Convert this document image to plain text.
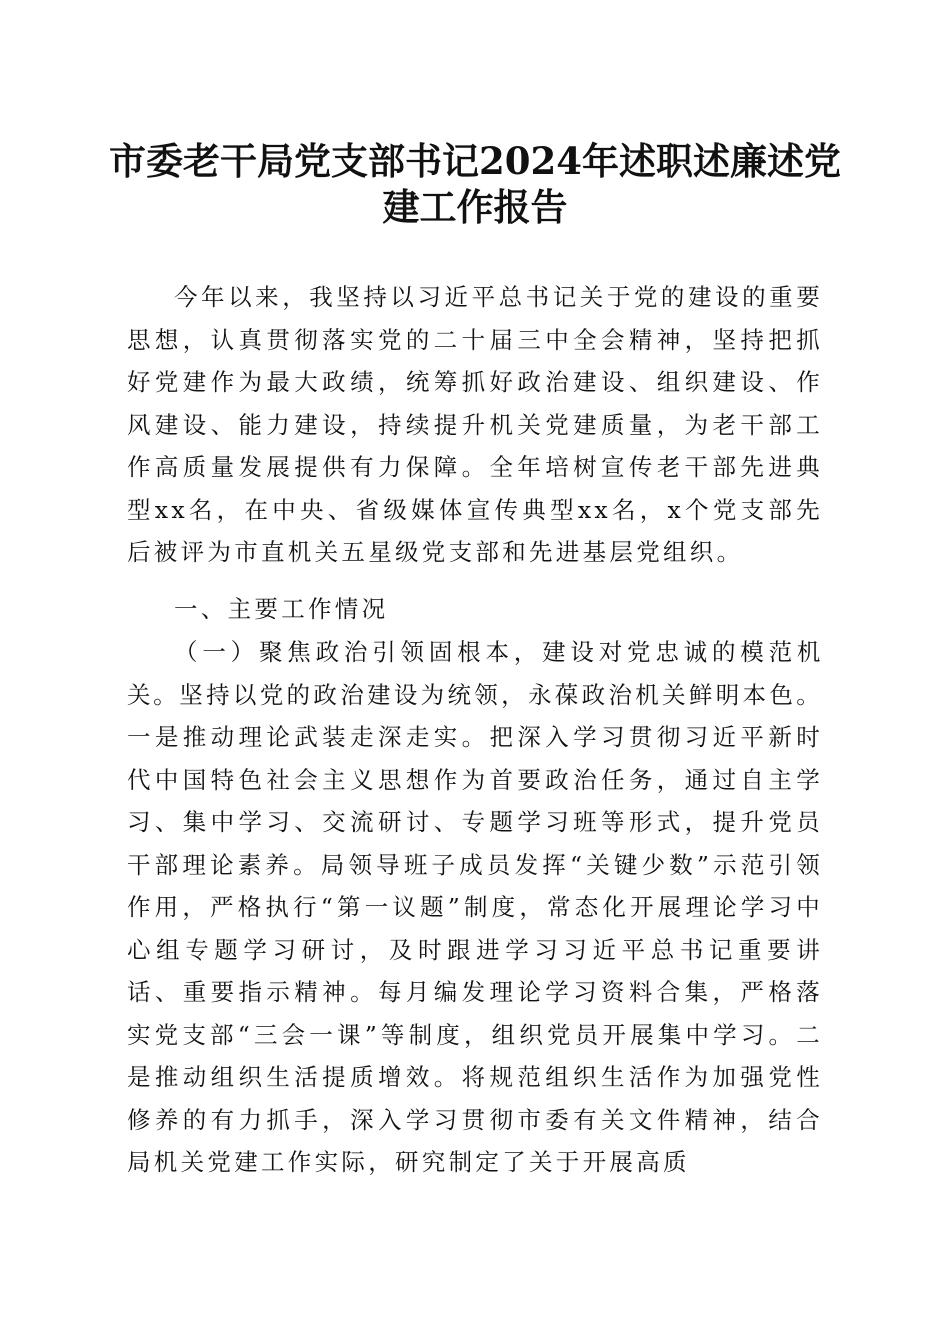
市委老干局党支部书记2024年述职述廉述党建工作报告

今年以来，我坚持以习近平总书记关于党的建设的重要思想，认真贯彻落实党的二十届三中全会精神，坚持把抓好党建作为最大政绩，统筹抓好政治建设、组织建设、作风建设、能力建设，持续提升机关党建质量，为老干部工作高质量发展提供有力保障。全年培树宣传老干部先进典型xx名，在中央、省级媒体宣传典型xx名，x个党支部先后被评为市直机关五星级党支部和先进基层党组织。

一、主要工作情况

（一）聚焦政治引领固根本，建设对党忠诚的模范机关。坚持以党的政治建设为统领，永葆政治机关鲜明本色。一是推动理论武装走深走实。把深入学习贯彻习近平新时代中国特色社会主义思想作为首要政治任务，通过自主学习、集中学习、交流研讨、专题学习班等形式，提升党员干部理论素养。局领导班子成员发挥“关键少数”示范引领作用，严格执行“第一议题”制度，常态化开展理论学习中心组专题学习研讨，及时跟进学习习近平总书记重要讲话、重要指示精神。每月编发理论学习资料合集，严格落实党支部“三会一课”等制度，组织党员开展集中学习。二是推动组织生活提质增效。将规范组织生活作为加强党性修养的有力抓手，深入学习贯彻市委有关文件精神，结合局机关党建工作实际，研究制定了关于开展高质
